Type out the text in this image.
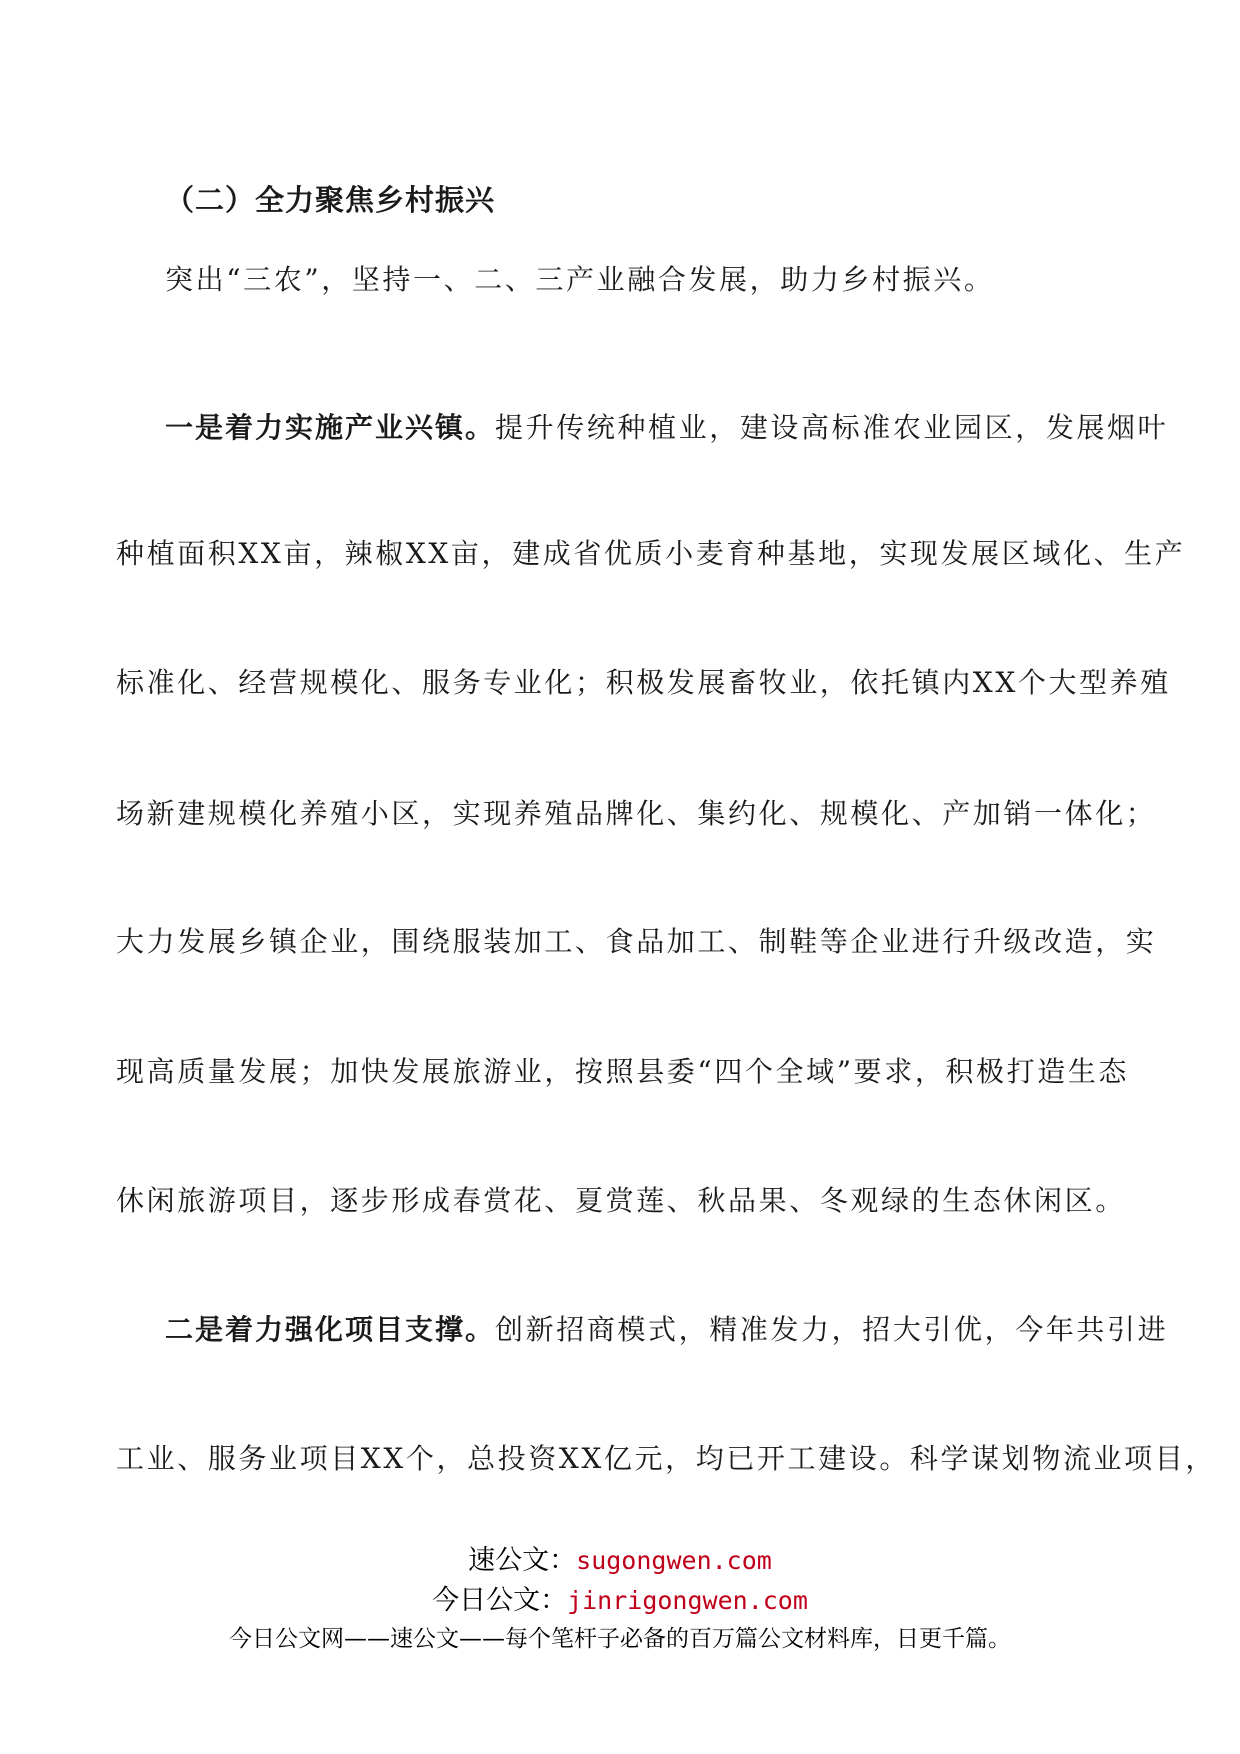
（二）全力聚焦乡村振兴
突出“三农”，坚持一、二、三产业融合发展，助力乡村振兴。
一是着力实施产业兴镇。提升传统种植业，建设高标准农业园区，发展烟叶
种植面积XX亩，辣椒XX亩，建成省优质小麦育种基地，实现发展区域化、生产
标准化、经营规模化、服务专业化；积极发展畜牧业，依托镇内XX个大型养殖
场新建规模化养殖小区，实现养殖品牌化、集约化、规模化、产加销一体化；
大力发展乡镇企业，围绕服装加工、食品加工、制鞋等企业进行升级改造，实
现高质量发展；加快发展旅游业，按照县委“四个全域”要求，积极打造生态
休闲旅游项目，逐步形成春赏花、夏赏莲、秋品果、冬观绿的生态休闲区。
二是着力强化项目支撑。创新招商模式，精准发力，招大引优，今年共引进
工业、服务业项目XX个，总投资XX亿元，均已开工建设。科学谋划物流业项目，
速公文：sugongwen.com
今日公文：jinrigongwen.com
今日公文网——速公文——每个笔杆子必备的百万篇公文材料库，日更千篇。
